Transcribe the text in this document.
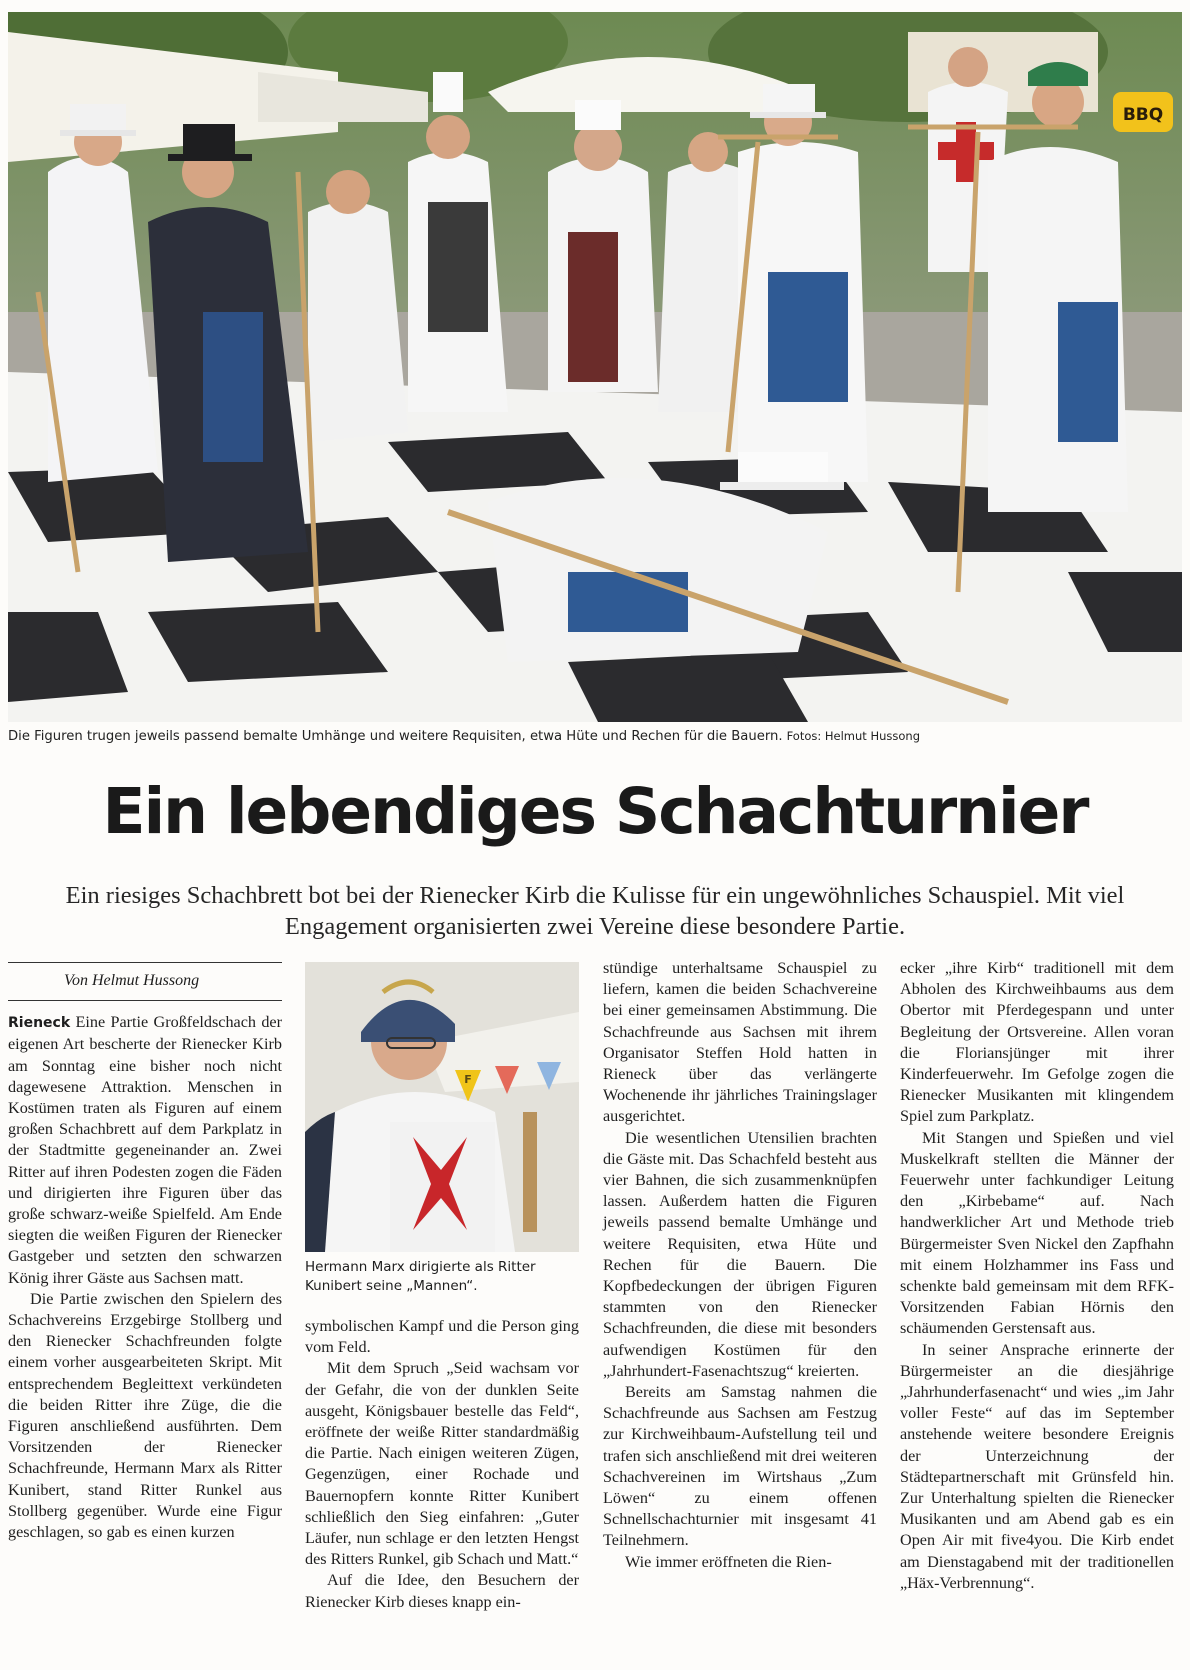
BBQ
Die Figuren trugen jeweils passend bemalte Umhänge und weitere Requisiten, etwa Hüte und Rechen für die Bauern. Fotos: Helmut Hussong
Ein lebendiges Schachturnier

Ein riesiges Schachbrett bot bei der Rienecker Kirb die Kulisse für ein ungewöhnliches Schauspiel. Mit viel Engagement organisierten zwei Vereine diese besondere Partie.

Von Helmut Hussong

Rieneck Eine Partie Großfeldschach der eigenen Art bescherte der Rienecker Kirb am Sonntag eine bisher noch nicht dagewesene Attraktion. Menschen in Kostümen traten als Figuren auf einem großen Schachbrett auf dem Parkplatz in der Stadtmitte gegeneinander an. Zwei Ritter auf ihren Podesten zogen die Fäden und dirigierten ihre Figuren über das große schwarz-weiße Spielfeld. Am Ende siegten die weißen Figuren der Rienecker Gastgeber und setzten den schwarzen König ihrer Gäste aus Sachsen matt.

Die Partie zwischen den Spielern des Schachvereins Erzgebirge Stollberg und den Rienecker Schachfreunden folgte einem vorher ausgearbeiteten Skript. Mit entsprechendem Begleittext verkündeten die beiden Ritter ihre Züge, die die Figuren anschließend ausführten. Dem Vorsitzenden der Rienecker Schachfreunde, Hermann Marx als Ritter Kunibert, stand Ritter Runkel aus Stollberg gegenüber. Wurde eine Figur geschlagen, so gab es einen kurzen

F
Hermann Marx dirigierte als Ritter Kunibert seine „Mannen“.

symbolischen Kampf und die Person ging vom Feld.

Mit dem Spruch „Seid wachsam vor der Gefahr, die von der dunklen Seite ausgeht, Königsbauer bestelle das Feld“, eröffnete der weiße Ritter standardmäßig die Partie. Nach einigen weiteren Zügen, Gegenzügen, einer Rochade und Bauernopfern konnte Ritter Kunibert schließlich den Sieg einfahren: „Guter Läufer, nun schlage er den letzten Hengst des Ritters Runkel, gib Schach und Matt.“

Auf die Idee, den Besuchern der Rienecker Kirb dieses knapp ein-

stündige unterhaltsame Schauspiel zu liefern, kamen die beiden Schachvereine bei einer gemeinsamen Abstimmung. Die Schachfreunde aus Sachsen mit ihrem Organisator Steffen Hold hatten in Rieneck über das verlängerte Wochenende ihr jährliches Trainingslager ausgerichtet.

Die wesentlichen Utensilien brachten die Gäste mit. Das Schachfeld besteht aus vier Bahnen, die sich zusammenknüpfen lassen. Außerdem hatten die Figuren jeweils passend bemalte Umhänge und weitere Requisiten, etwa Hüte und Rechen für die Bauern. Die Kopfbedeckungen der übrigen Figuren stammten von den Rienecker Schachfreunden, die diese mit besonders aufwendigen Kostümen für den „Jahrhundert-Fasenachtszug“ kreierten.

Bereits am Samstag nahmen die Schachfreunde aus Sachsen am Festzug zur Kirchweihbaum-Aufstellung teil und trafen sich anschließend mit drei weiteren Schachvereinen im Wirtshaus „Zum Löwen“ zu einem offenen Schnellschachturnier mit insgesamt 41 Teilnehmern.

Wie immer eröffneten die Rien-

ecker „ihre Kirb“ traditionell mit dem Abholen des Kirchweihbaums aus dem Obertor mit Pferdegespann und unter Begleitung der Ortsvereine. Allen voran die Floriansjünger mit ihrer Kinderfeuerwehr. Im Gefolge zogen die Rienecker Musikanten mit klingendem Spiel zum Parkplatz.

Mit Stangen und Spießen und viel Muskelkraft stellten die Männer der Feuerwehr unter fachkundiger Leitung den „Kirbebame“ auf. Nach handwerklicher Art und Methode trieb Bürgermeister Sven Nickel den Zapfhahn mit einem Holzhammer ins Fass und schenkte bald gemeinsam mit dem RFK-Vorsitzenden Fabian Hörnis den schäumenden Gerstensaft aus.

In seiner Ansprache erinnerte der Bürgermeister an die diesjährige „Jahrhunderfasenacht“ und wies „im Jahr voller Feste“ auf das im September anstehende weitere besondere Ereignis der Unterzeichnung der Städtepartnerschaft mit Grünsfeld hin. Zur Unterhaltung spielten die Rienecker Musikanten und am Abend gab es ein Open Air mit five4you. Die Kirb endet am Dienstagabend mit der traditionellen „Häx-Verbrennung“.
